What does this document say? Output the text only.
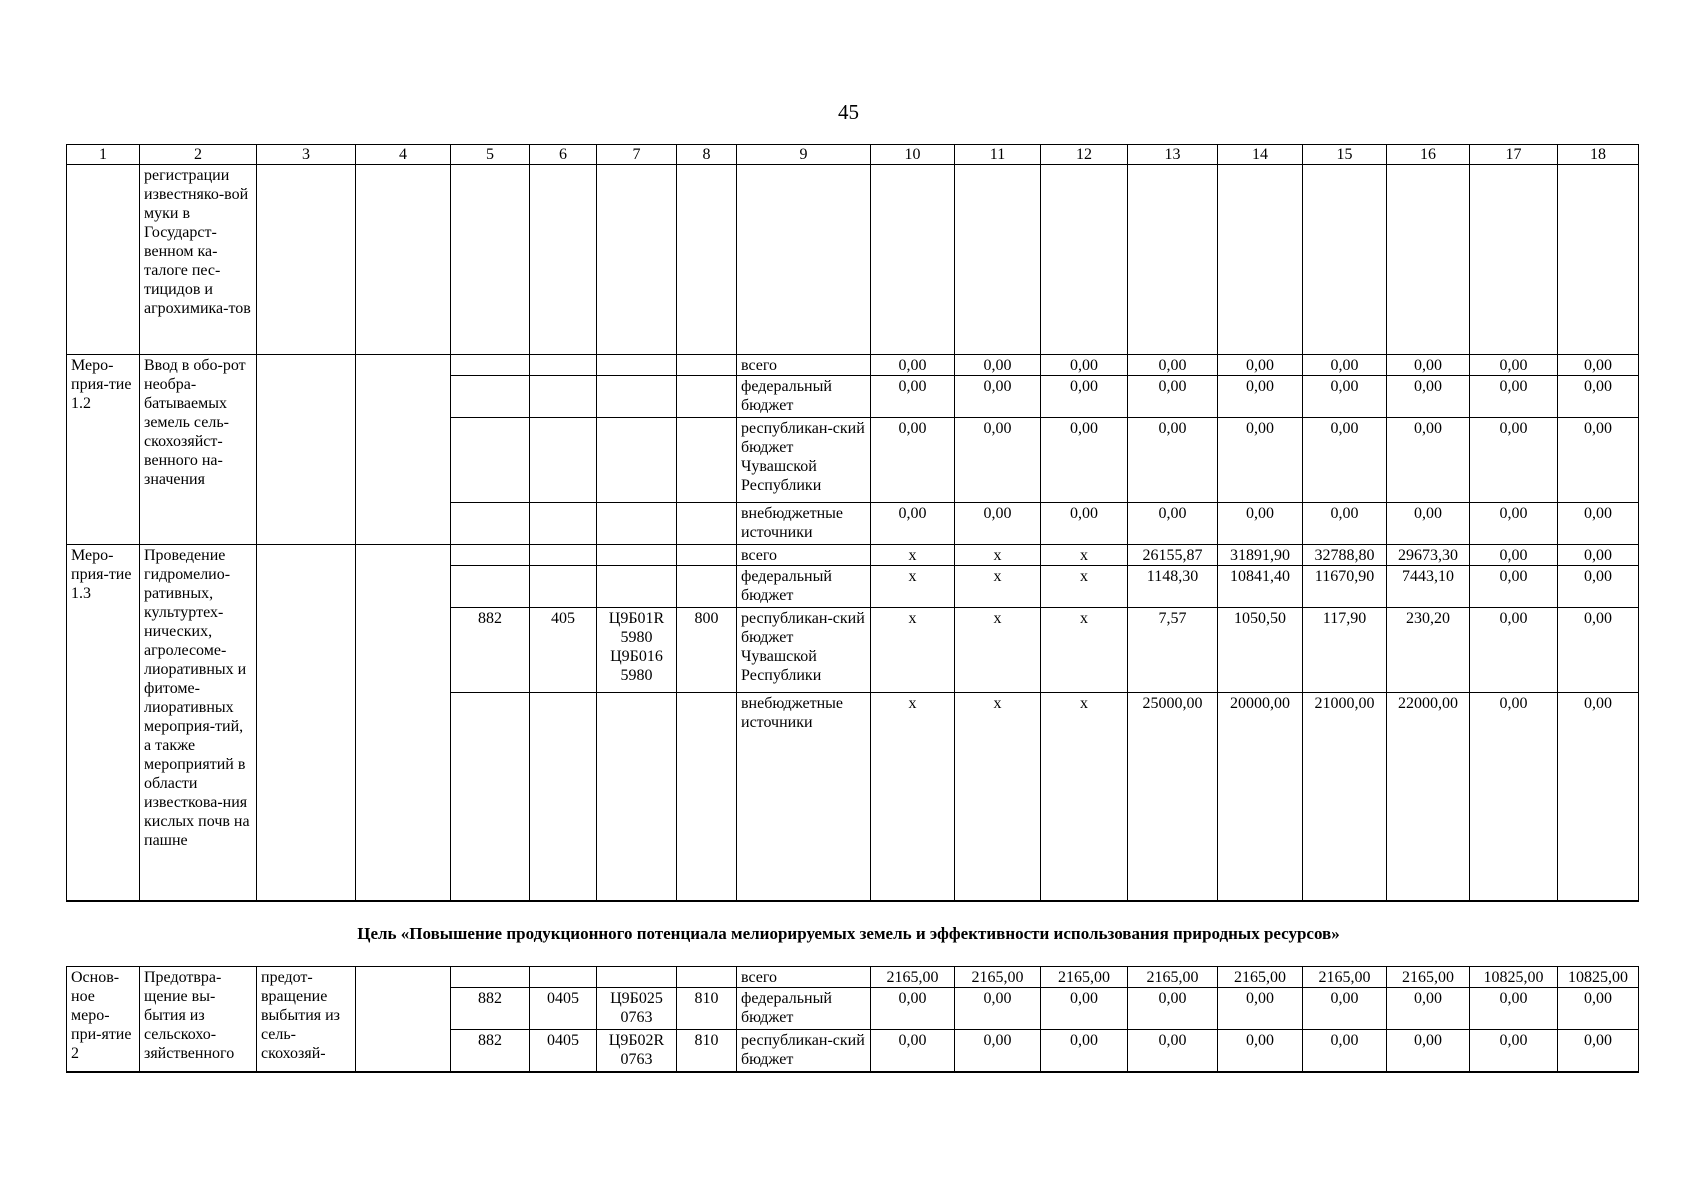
45
1	2	3	4	5	6	7	8	9	10	11	12	13	14	15	16	17	18
	регистрации известняко-вой муки в Государст-венном ка-талоге пес-тицидов и агрохимика-тов																
Меро-прия-тие 1.2	Ввод в обо-рот необра-батываемых земель сель-скохозяйст-венного на-значения							всего	0,00	0,00	0,00	0,00	0,00	0,00	0,00	0,00	0,00
								федеральный бюджет	0,00	0,00	0,00	0,00	0,00	0,00	0,00	0,00	0,00
								республикан-ский бюджет Чувашской Республики	0,00	0,00	0,00	0,00	0,00	0,00	0,00	0,00	0,00
								внебюджетные источники	0,00	0,00	0,00	0,00	0,00	0,00	0,00	0,00	0,00
Меро-прия-тие 1.3	Проведение гидромелио-ративных, культуртех-нических, агролесоме-лиоративных и фитоме-лиоративных мероприя-тий, а также мероприятий в области известкова-ния кислых почв на пашне							всего	x	x	x	26155,87	31891,90	32788,80	29673,30	0,00	0,00
								федеральный бюджет	x	x	x	1148,30	10841,40	11670,90	7443,10	0,00	0,00
				882	405	Ц9Б01R 5980 Ц9Б016 5980	800	республикан-ский бюджет Чувашской Республики	x	x	x	7,57	1050,50	117,90	230,20	0,00	0,00
								внебюджетные источники	x	x	x	25000,00	20000,00	21000,00	22000,00	0,00	0,00
Цель «Повышение продукционного потенциала мелиорируемых земель и эффективности использования природных ресурсов»
Основ-ное меро-при-ятие 2	Предотвра-щение вы-бытия из сельскохо-зяйственного	предот-вращение выбытия из сель-скохозяй-						всего	2165,00	2165,00	2165,00	2165,00	2165,00	2165,00	2165,00	10825,00	10825,00
				882	0405	Ц9Б025 0763	810	федеральный бюджет	0,00	0,00	0,00	0,00	0,00	0,00	0,00	0,00	0,00
				882	0405	Ц9Б02R 0763	810	республикан-ский бюджет	0,00	0,00	0,00	0,00	0,00	0,00	0,00	0,00	0,00
